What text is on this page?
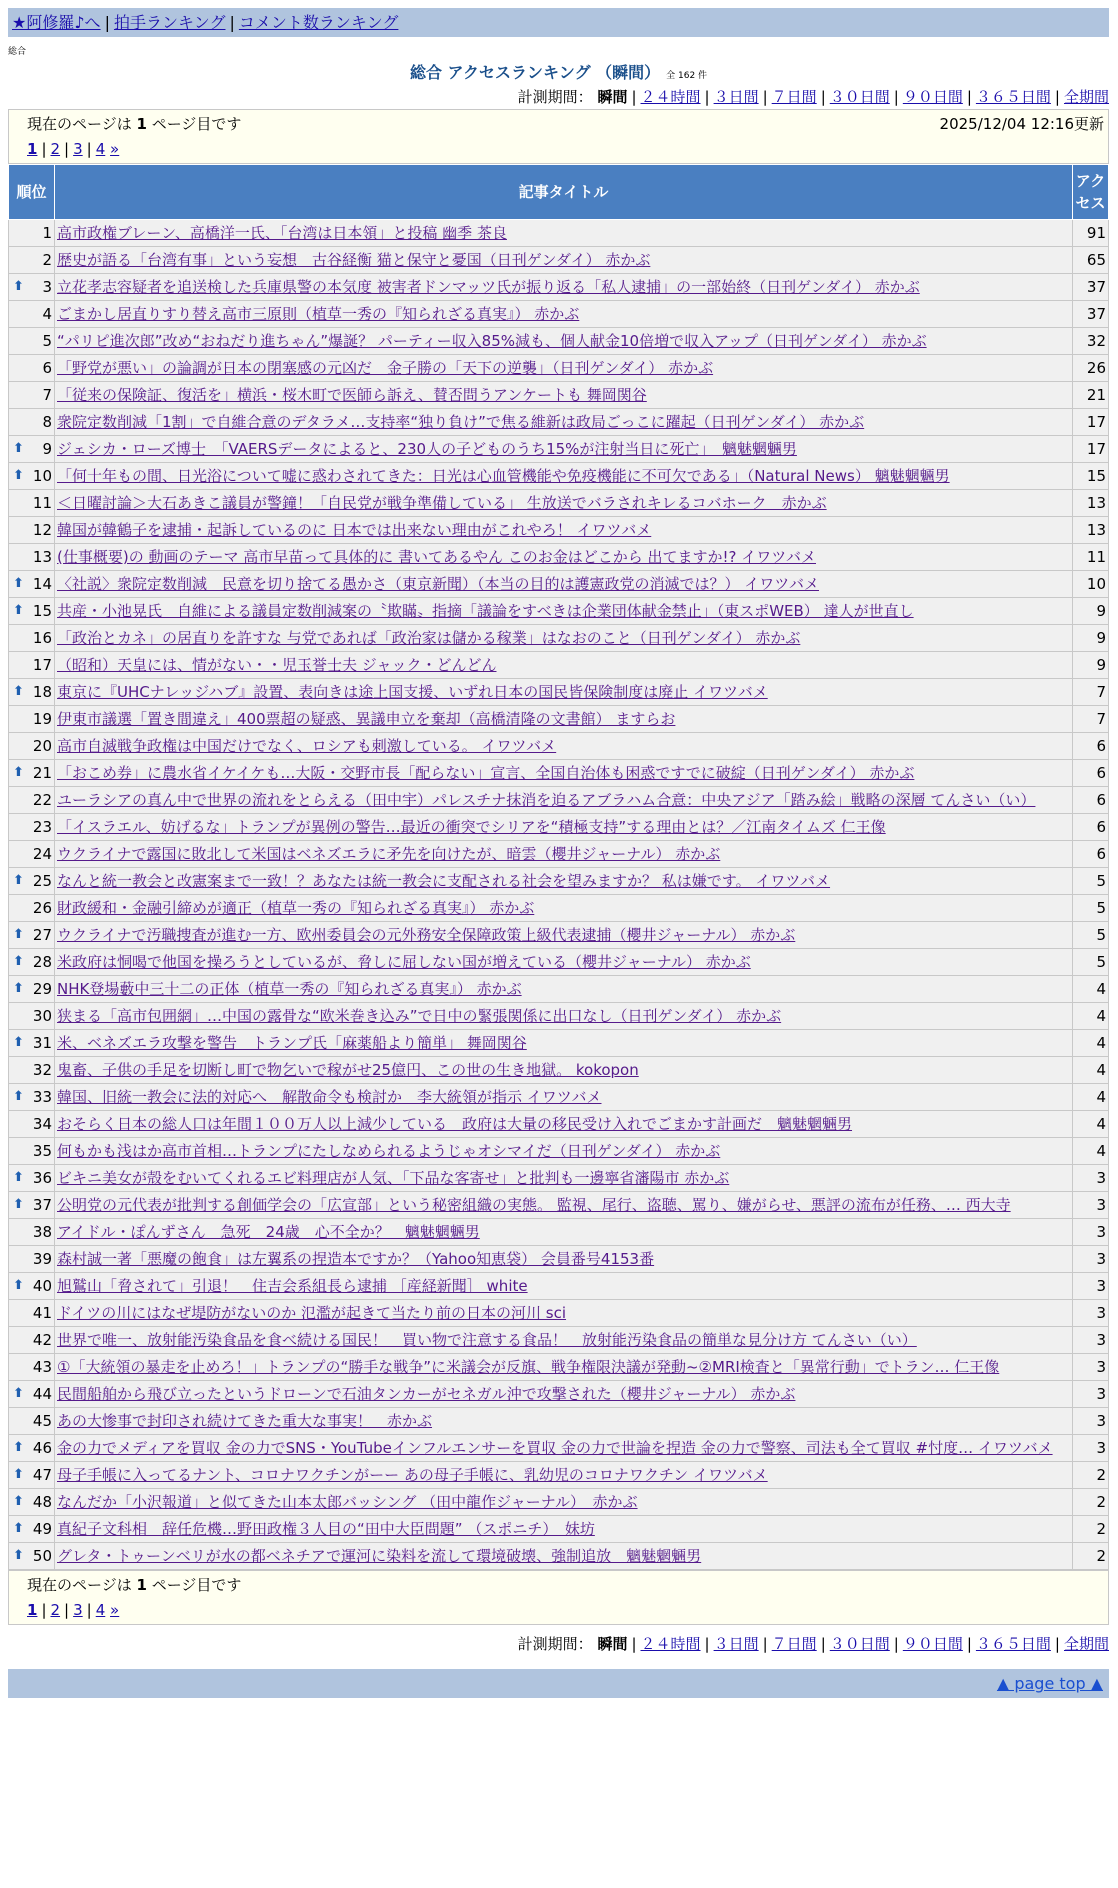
★阿修羅♪へ | 拍手ランキング | コメント数ランキング
総合
総合 アクセスランキング （瞬間） 全 162 件
計測期間： 瞬間 | ２４時間 | ３日間 | ７日間 | ３０日間 | ９０日間 | ３６５日間 | 全期間
現在のページは 1 ページ目です	2025/12/04 12:16更新
1 | 2 | 3 | 4 »
順位	記事タイトル	アクセス
1	高市政権ブレーン、高橋洋一氏、「台湾は日本領」と投稿 幽季 茶良	91
2	歴史が語る「台湾有事」という妄想　古谷経衡 猫と保守と憂国（日刊ゲンダイ） 赤かぶ	65

⬆ 3	立花孝志容疑者を追送検した兵庫県警の本気度 被害者ドンマッツ氏が振り返る「私人逮捕」の一部始終（日刊ゲンダイ） 赤かぶ	37
4	ごまかし居直りすり替え高市三原則（植草一秀の『知られざる真実』） 赤かぶ	37
5	“パリピ進次郎”改め“おねだり進ちゃん”爆誕？ パーティー収入85%減も、個人献金10倍増で収入アップ（日刊ゲンダイ） 赤かぶ	32
6	「野党が悪い」の論調が日本の閉塞感の元凶だ　金子勝の「天下の逆襲」（日刊ゲンダイ） 赤かぶ	26
7	「従来の保険証、復活を」横浜・桜木町で医師ら訴え、賛否問うアンケートも 舞岡関谷	21
8	衆院定数削減「1割」で自維合意のデタラメ…支持率“独り負け”で焦る維新は政局ごっこに躍起（日刊ゲンダイ） 赤かぶ	17

⬆ 9	ジェシカ・ローズ博士　「VAERSデータによると、230人の子どものうち15%が注射当日に死亡」　魑魅魍魎男	17

⬆ 10	「何十年もの間、日光浴について嘘に惑わされてきた：日光は心血管機能や免疫機能に不可欠である」（Natural News） 魑魅魍魎男	15
11	＜日曜討論＞大石あきこ議員が警鐘！「自民党が戦争準備している」 生放送でバラされキレるコバホーク　赤かぶ	13
12	韓国が韓鶴子を逮捕・起訴しているのに 日本では出来ない理由がこれやろ！ イワツバメ	13
13	(仕事概要)の 動画のテーマ 高市早苗って具体的に 書いてあるやん このお金はどこから 出てますか!? イワツバメ	11

⬆ 14	〈社説〉衆院定数削減　民意を切り捨てる愚かさ（東京新聞）（本当の目的は護憲政党の消滅では？） イワツバメ	10

⬆ 15	共産・小池晃氏　自維による議員定数削減案の〝欺瞞〟指摘「議論をすべきは企業団体献金禁止」（東スポWEB） 達人が世直し	9
16	「政治とカネ」の居直りを許すな 与党であれば「政治家は儲かる稼業」はなおのこと（日刊ゲンダイ） 赤かぶ	9
17	（昭和）天皇には、情がない・・児玉誉士夫 ジャック・どんどん	9

⬆ 18	東京に『UHCナレッジハブ』設置、表向きは途上国支援、いずれ日本の国民皆保険制度は廃止 イワツバメ	7
19	伊東市議選「置き間違え」400票超の疑惑、異議申立を棄却（高橋清隆の文書館） ますらお	7
20	高市自滅戦争政権は中国だけでなく、ロシアも刺激している。 イワツバメ	6

⬆ 21	「おこめ券」に農水省イケイケも…大阪・交野市長「配らない」宣言、全国自治体も困惑ですでに破綻（日刊ゲンダイ） 赤かぶ	6
22	ユーラシアの真ん中で世界の流れをとらえる（田中宇）パレスチナ抹消を迫るアブラハム合意：中央アジア「踏み絵」戦略の深層 てんさい（い）	6
23	「イスラエル、妨げるな」トランプが異例の警告…最近の衝突でシリアを“積極支持”する理由とは？／江南タイムズ 仁王像	6
24	ウクライナで露国に敗北して米国はベネズエラに矛先を向けたが、暗雲（櫻井ジャーナル） 赤かぶ	6

⬆ 25	なんと統一教会と改憲案まで一致！？あなたは統一教会に支配される社会を望みますか？ 私は嫌です。 イワツバメ	5
26	財政緩和・金融引締めが適正（植草一秀の『知られざる真実』） 赤かぶ	5

⬆ 27	ウクライナで汚職捜査が進む一方、欧州委員会の元外務安全保障政策上級代表逮捕（櫻井ジャーナル） 赤かぶ	5

⬆ 28	米政府は恫喝で他国を操ろうとしているが、脅しに屈しない国が増えている（櫻井ジャーナル） 赤かぶ	5

⬆ 29	NHK登場藪中三十二の正体（植草一秀の『知られざる真実』） 赤かぶ	4
30	狭まる「高市包囲網」…中国の露骨な“欧米巻き込み”で日中の緊張関係に出口なし（日刊ゲンダイ） 赤かぶ	4

⬆ 31	米、ベネズエラ攻撃を警告　トランプ氏「麻薬船より簡単」 舞岡関谷	4
32	鬼畜、子供の手足を切断し町で物乞いで稼がせ25億円、この世の生き地獄。 kokopon	4

⬆ 33	韓国、旧統一教会に法的対応へ　解散命令も検討か　李大統領が指示 イワツバメ	4
34	おそらく日本の総人口は年間１００万人以上減少している　政府は大量の移民受け入れでごまかす計画だ　魑魅魍魎男	4
35	何もかも浅はか高市首相…トランプにたしなめられるようじゃオシマイだ（日刊ゲンダイ） 赤かぶ	4

⬆ 36	ビキニ美女が殻をむいてくれるエビ料理店が人気、「下品な客寄せ」と批判も一邊寧省瀋陽市 赤かぶ	3

⬆ 37	公明党の元代表が批判する創価学会の「広宣部」という秘密組織の実態。 監視、尾行、盗聴、罵り、嫌がらせ、悪評の流布が任務、… 西大寺	3
38	アイドル・ぽんずさん　急死　24歳　心不全か？　魑魅魍魎男	3
39	森村誠一著「悪魔の飽食」は左翼系の捏造本ですか？（Yahoo知恵袋） 会員番号4153番	3

⬆ 40	旭鷲山「脅されて」引退！　住吉会系組長ら逮捕 ［産経新聞］ white	3
41	ドイツの川にはなぜ堤防がないのか 氾濫が起きて当たり前の日本の河川 sci	3
42	世界で唯一、放射能汚染食品を食べ続ける国民！　買い物で注意する食品！　放射能汚染食品の簡単な見分け方 てんさい（い）	3
43	①「大統領の暴走を止めろ！」トランプの“勝手な戦争”に米議会が反旗、戦争権限決議が発動~②MRI検査と「異常行動」でトラン… 仁王像	3

⬆ 44	民間船舶から飛び立ったというドローンで石油タンカーがセネガル沖で攻撃された（櫻井ジャーナル） 赤かぶ	3
45	あの大惨事で封印され続けてきた重大な事実！　赤かぶ	3

⬆ 46	金の力でメディアを買収 金の力でSNS・YouTubeインフルエンサーを買収 金の力で世論を捏造 金の力で警察、司法も全て買収 #忖度… イワツバメ	3

⬆ 47	母子手帳に入ってるナント、コロナワクチンがーー あの母子手帳に、乳幼児のコロナワクチン イワツバメ	2

⬆ 48	なんだか「小沢報道」と似てきた山本太郎バッシング （田中龍作ジャーナル）　赤かぶ	2

⬆ 49	真紀子文科相　辞任危機…野田政権３人目の“田中大臣問題” （スポニチ）　妹坊	2

⬆ 50	グレタ・トゥーンベリが水の都ベネチアで運河に染料を流して環境破壊、強制追放　魑魅魍魎男	2
現在のページは 1 ページ目です
1 | 2 | 3 | 4 »
計測期間： 瞬間 | ２４時間 | ３日間 | ７日間 | ３０日間 | ９０日間 | ３６５日間 | 全期間
▲ page top ▲
